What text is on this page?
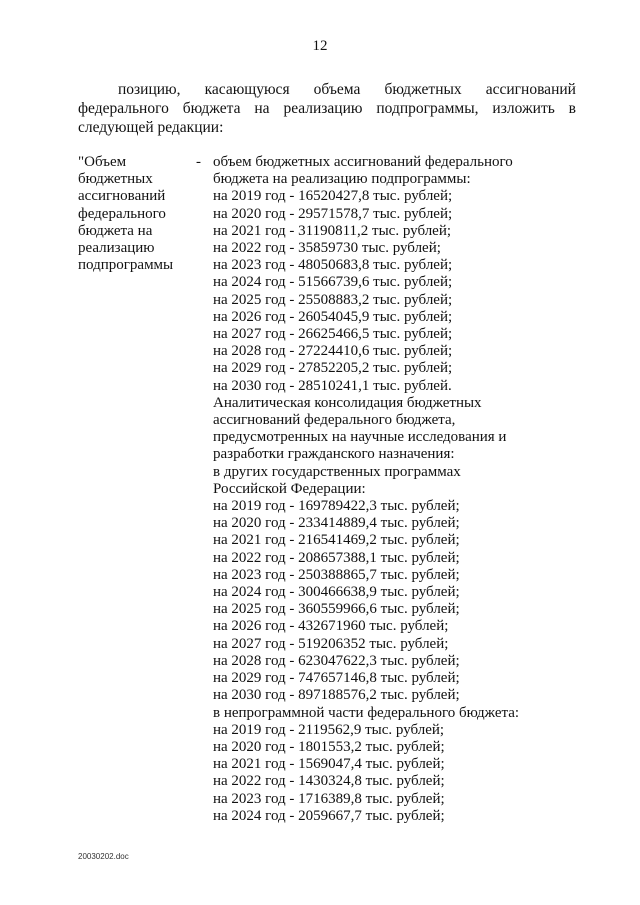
12
позицию, касающуюся объема бюджетных ассигнований
федерального бюджета на реализацию подпрограммы, изложить в
следующей редакции:
"Объем
бюджетных
ассигнований
федерального
бюджета на
реализацию
подпрограммы
- объем бюджетных ассигнований федерального
бюджета на реализацию подпрограммы:
на 2019 год - 16520427,8 тыс. рублей;
на 2020 год - 29571578,7 тыс. рублей;
на 2021 год - 31190811,2 тыс. рублей;
на 2022 год - 35859730 тыс. рублей;
на 2023 год - 48050683,8 тыс. рублей;
на 2024 год - 51566739,6 тыс. рублей;
на 2025 год - 25508883,2 тыс. рублей;
на 2026 год - 26054045,9 тыс. рублей;
на 2027 год - 26625466,5 тыс. рублей;
на 2028 год - 27224410,6 тыс. рублей;
на 2029 год - 27852205,2 тыс. рублей;
на 2030 год - 28510241,1 тыс. рублей.
Аналитическая консолидация бюджетных
ассигнований федерального бюджета,
предусмотренных на научные исследования и
разработки гражданского назначения:
в других государственных программах
Российской Федерации:
на 2019 год - 169789422,3 тыс. рублей;
на 2020 год - 233414889,4 тыс. рублей;
на 2021 год - 216541469,2 тыс. рублей;
на 2022 год - 208657388,1 тыс. рублей;
на 2023 год - 250388865,7 тыс. рублей;
на 2024 год - 300466638,9 тыс. рублей;
на 2025 год - 360559966,6 тыс. рублей;
на 2026 год - 432671960 тыс. рублей;
на 2027 год - 519206352 тыс. рублей;
на 2028 год - 623047622,3 тыс. рублей;
на 2029 год - 747657146,8 тыс. рублей;
на 2030 год - 897188576,2 тыс. рублей;
в непрограммной части федерального бюджета:
на 2019 год - 2119562,9 тыс. рублей;
на 2020 год - 1801553,2 тыс. рублей;
на 2021 год - 1569047,4 тыс. рублей;
на 2022 год - 1430324,8 тыс. рублей;
на 2023 год - 1716389,8 тыс. рублей;
на 2024 год - 2059667,7 тыс. рублей;
20030202.doc
